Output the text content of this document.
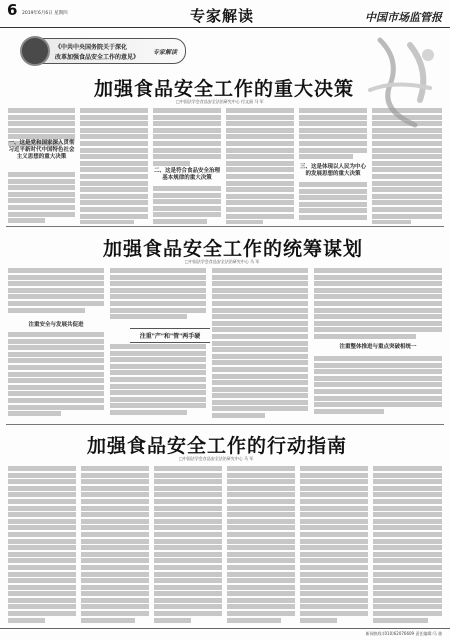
6 2019年6月6日 星期四	专家解读	中国市场监管报
《中共中央国务院关于深化
改革加强食品安全工作的意见》
专家解读
加强食品安全工作的重大决策
□中国法学会食品安全法治研究中心 付文丽 马 军
一、这是党和国家深入贯彻习近平新时代中国特色社会主义思想的重大决策
二、这是符合食品安全治理基本规律的重大决策
三、这是体现以人民为中心的发展思想的重大决策
加强食品安全工作的统筹谋划
□中国法学会食品安全法治研究中心 马 军
注重安全与发展共促进
注重"产"和"管"两手硬
注重整体推进与重点突破相统一
加强食品安全工作的行动指南
□中国法学会食品安全法治研究中心 马 军
新闻热线:(010)62076609 责任编辑:马 骏
